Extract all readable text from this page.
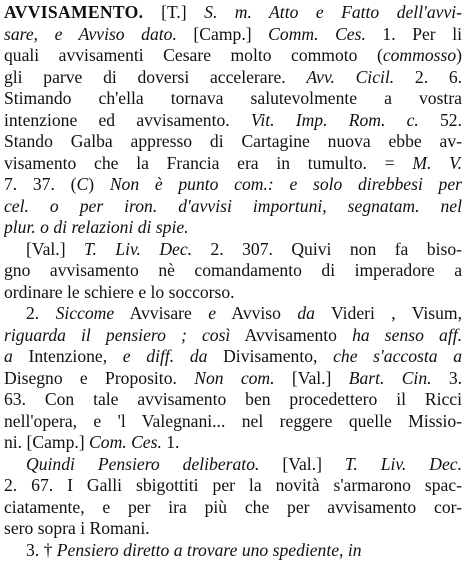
AVVISAMENTO. [T.] S. m. Atto e Fatto dell'avvi-
sare, e Avviso dato. [Camp.] Comm. Ces. 1. Per li
quali avvisamenti Cesare molto commoto (commosso)
gli parve di doversi accelerare. Avv. Cicil. 2. 6.
Stimando ch'ella tornava salutevolmente a vostra
intenzione ed avvisamento. Vit. Imp. Rom. c. 52.
Stando Galba appresso di Cartagine nuova ebbe av-
visamento che la Francia era in tumulto. = M. V.
7. 37. (C) Non è punto com.: e solo direbbesi per
cel. o per iron. d'avvisi importuni, segnatam. nel
plur. o di relazioni di spie.
[Val.] T. Liv. Dec. 2. 307. Quivi non fa biso-
gno avvisamento nè comandamento di imperadore a
ordinare le schiere e lo soccorso.
2. Siccome Avvisare e Avviso da Videri , Visum,
riguarda il pensiero ; così Avvisamento ha senso aff.
a Intenzione, e diff. da Divisamento, che s'accosta a
Disegno e Proposito. Non com. [Val.] Bart. Cin. 3.
63. Con tale avvisamento ben procedettero il Ricci
nell'opera, e 'l Valegnani... nel reggere quelle Missio-
ni. [Camp.] Com. Ces. 1.
Quindi Pensiero deliberato. [Val.] T. Liv. Dec.
2. 67. I Galli sbigottiti per la novità s'armarono spac-
ciatamente, e per ira più che per avvisamento cor-
sero sopra i Romani.
3. † Pensiero diretto a trovare uno spediente, in
